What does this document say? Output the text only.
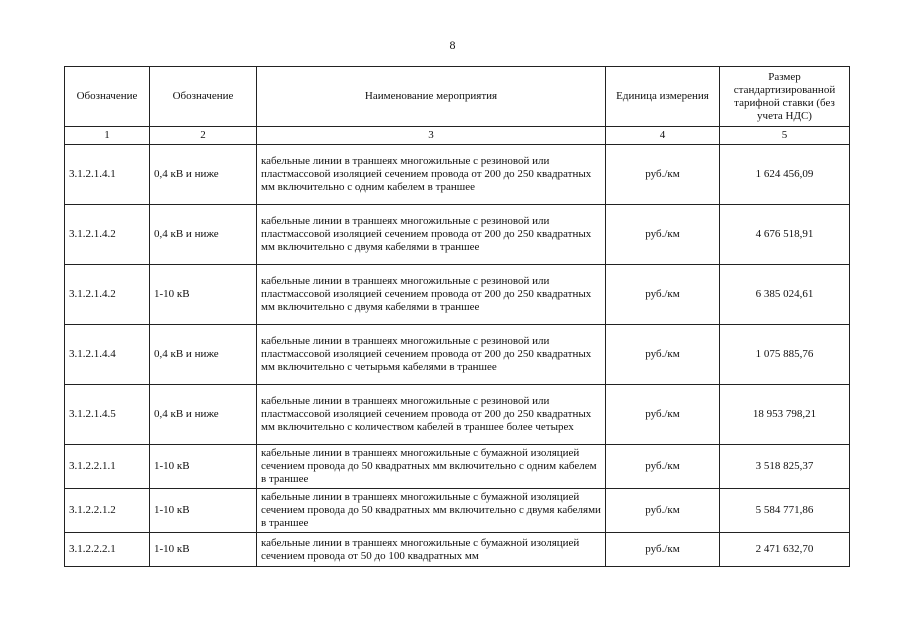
8
Обозначение	Обозначение	Наименование мероприятия	Единица измерения	Размер стандартизированной тарифной ставки (без учета НДС)
1	2	3	4	5
3.1.2.1.4.1	0,4 кВ и ниже	кабельные линии в траншеях многожильные с резиновой или пластмассовой изоляцией сечением провода от 200 до 250 квадратных мм включительно с одним кабелем в траншее	руб./км	1 624 456,09
3.1.2.1.4.2	0,4 кВ и ниже	кабельные линии в траншеях многожильные с резиновой или пластмассовой изоляцией сечением провода от 200 до 250 квадратных мм включительно с двумя кабелями в траншее	руб./км	4 676 518,91
3.1.2.1.4.2	1-10 кВ	кабельные линии в траншеях многожильные с резиновой или пластмассовой изоляцией сечением провода от 200 до 250 квадратных мм включительно с двумя кабелями в траншее	руб./км	6 385 024,61
3.1.2.1.4.4	0,4 кВ и ниже	кабельные линии в траншеях многожильные с резиновой или пластмассовой изоляцией сечением провода от 200 до 250 квадратных мм включительно с четырьмя кабелями в траншее	руб./км	1 075 885,76
3.1.2.1.4.5	0,4 кВ и ниже	кабельные линии в траншеях многожильные с резиновой или пластмассовой изоляцией сечением провода от 200 до 250 квадратных мм включительно с количеством кабелей в траншее более четырех	руб./км	18 953 798,21
3.1.2.2.1.1	1-10 кВ	кабельные линии в траншеях многожильные с бумажной изоляцией сечением провода до 50 квадратных мм включительно с одним кабелем в траншее	руб./км	3 518 825,37
3.1.2.2.1.2	1-10 кВ	кабельные линии в траншеях многожильные с бумажной изоляцией сечением провода до 50 квадратных мм включительно с двумя кабелями в траншее	руб./км	5 584 771,86
3.1.2.2.2.1	1-10 кВ	кабельные линии в траншеях многожильные с бумажной изоляцией сечением провода от 50 до 100 квадратных мм	руб./км	2 471 632,70
